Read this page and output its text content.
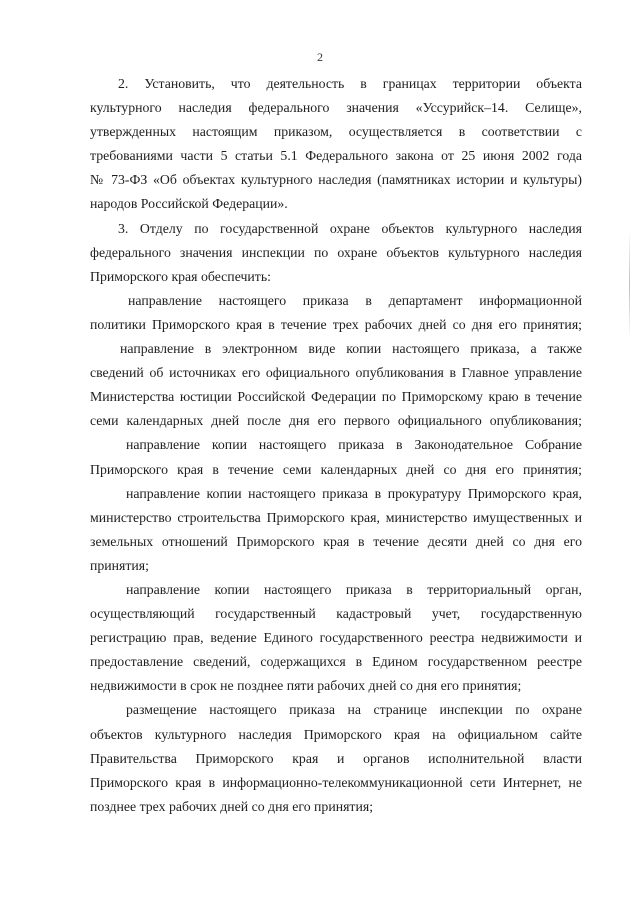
2
2. Установить, что деятельность в границах территории объекта
культурного наследия федерального значения «Уссурийск–14. Селище»,
утвержденных настоящим приказом, осуществляется в соответствии с
требованиями части 5 статьи 5.1 Федерального закона от 25 июня 2002 года
№ 73-ФЗ «Об объектах культурного наследия (памятниках истории и культуры)
народов Российской Федерации».
3. Отделу по государственной охране объектов культурного наследия
федерального значения инспекции по охране объектов культурного наследия
Приморского края обеспечить:
направление настоящего приказа в департамент информационной
политики Приморского края в течение трех рабочих дней со дня его принятия;
направление в электронном виде копии настоящего приказа, а также
сведений об источниках его официального опубликования в Главное управление
Министерства юстиции Российской Федерации по Приморскому краю в течение
семи календарных дней после дня его первого официального опубликования;
направление копии настоящего приказа в Законодательное Собрание
Приморского края в течение семи календарных дней со дня его принятия;
направление копии настоящего приказа в прокуратуру Приморского края,
министерство строительства Приморского края, министерство имущественных и
земельных отношений Приморского края в течение десяти дней со дня его
принятия;
направление копии настоящего приказа в территориальный орган,
осуществляющий государственный кадастровый учет, государственную
регистрацию прав, ведение Единого государственного реестра недвижимости и
предоставление сведений, содержащихся в Едином государственном реестре
недвижимости в срок не позднее пяти рабочих дней со дня его принятия;
размещение настоящего приказа на странице инспекции по охране
объектов культурного наследия Приморского края на официальном сайте
Правительства Приморского края и органов исполнительной власти
Приморского края в информационно-телекоммуникационной сети Интернет, не
позднее трех рабочих дней со дня его принятия;
